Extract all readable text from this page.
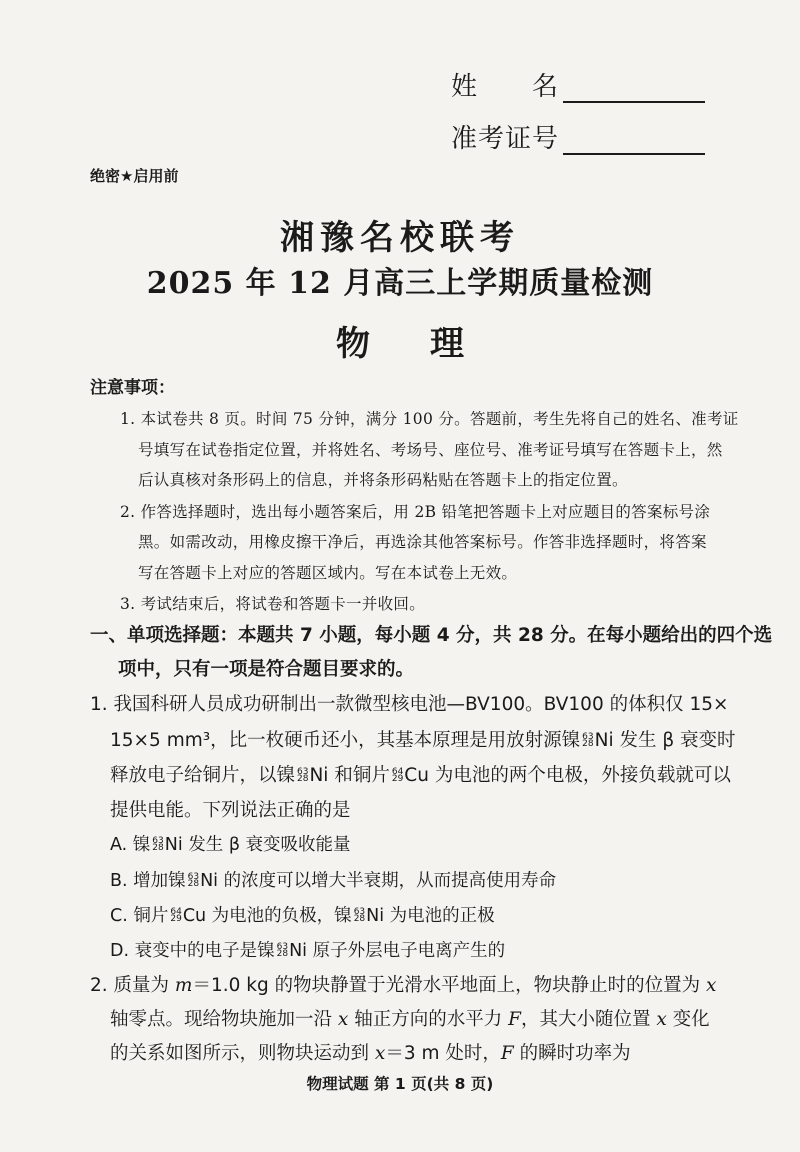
姓　　名
准考证号
绝密★启用前
湘豫名校联考
2025 年 12 月高三上学期质量检测
物 理
注意事项：
1. 本试卷共 8 页。时间 75 分钟，满分 100 分。答题前，考生先将自己的姓名、准考证
号填写在试卷指定位置，并将姓名、考场号、座位号、准考证号填写在答题卡上，然
后认真核对条形码上的信息，并将条形码粘贴在答题卡上的指定位置。
2. 作答选择题时，选出每小题答案后，用 2B 铅笔把答题卡上对应题目的答案标号涂
黑。如需改动，用橡皮擦干净后，再选涂其他答案标号。作答非选择题时，将答案
写在答题卡上对应的答题区域内。写在本试卷上无效。
3. 考试结束后，将试卷和答题卡一并收回。
一、单项选择题：本题共 7 小题，每小题 4 分，共 28 分。在每小题给出的四个选
项中，只有一项是符合题目要求的。
1. 我国科研人员成功研制出一款微型核电池—BV100。BV100 的体积仅 15×
15×5 mm³，比一枚硬币还小，其基本原理是用放射源镍 63
28 Ni 发生 β 衰变时
释放电子给铜片，以镍 63
28 Ni 和铜片 64
29 Cu 为电池的两个电极，外接负载就可以
提供电能。下列说法正确的是
A. 镍 63
28 Ni 发生 β 衰变吸收能量
B. 增加镍 63
28 Ni 的浓度可以增大半衰期，从而提高使用寿命
C. 铜片 64
29 Cu 为电池的负极，镍 63
28 Ni 为电池的正极
D. 衰变中的电子是镍 63
28 Ni 原子外层电子电离产生的
2. 质量为 m＝1.0 kg 的物块静置于光滑水平地面上，物块静止时的位置为 x
轴零点。现给物块施加一沿 x 轴正方向的水平力 F，其大小随位置 x 变化
的关系如图所示，则物块运动到 x＝3 m 处时，F 的瞬时功率为
物理试题 第 1 页(共 8 页)
